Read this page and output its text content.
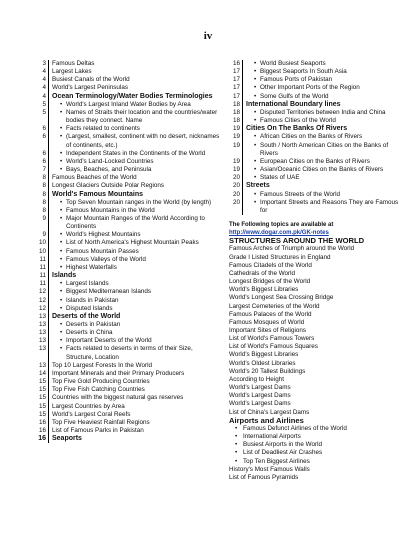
iv
3 Famous Deltas
4 Largest Lakes
4 Busiest Canals of the World
4 World's Largest Peninsulas
4 Ocean Terminology/Water Bodies Terminologies
5	• World's Largest Inland Water Bodies by Area
5	• Names of Straits their location and the countries/water bodies they connect. Name
6	• Facts related to continents
6	• (Largest, smallest, continent with no desert, nicknames of continents, etc.)
6	• Independent States in the Continents of the World
6	• World's Land-Locked Countries
7	• Bays, Beaches, and Peninsula
8 Famous Beaches of the World
8 Longest Glaciers Outside Polar Regions
8 World's Famous Mountains
8	• Top Seven Mountain ranges in the World (by length)
8	• Famous Mountains in the World
9	• Major Mountain Ranges of the World According to Continents
9	• World's Highest Mountains
10	• List of North America's Highest Mountain Peaks
10	• Famous Mountain Passes
11	• Famous Valleys of the World
11	• Highest Waterfalls
11 Islands
11	• Largest Islands
12	• Biggest Mediterranean Islands
12	• Islands in Pakistan
12	• Disputed Islands
13 Deserts of the World
13	• Deserts in Pakistan
13	• Deserts in China
13	• Important Deserts of the World
13	• Facts related to deserts in terms of their Size, Structure, Location
13 Top 10 Largest Forests In the World
14 Important Minerals and their Primary Producers
15 Top Five Gold Producing Countries
15 Top Five Fish Catching Countries
15 Countries with the biggest natural gas reserves
15 Largest Countries by Area
15 World's Largest Coral Reefs
16 Top Five Heaviest Rainfall Regions
16 List of Famous Parks in Pakistan
16 Seaports
16	• World Busiest Seaports
17	• Biggest Seaports In South Asia
17	• Famous Ports of Pakistan
17	• Other Important Ports of the Region
17	• Some Gulfs of the World
18 International Boundary lines
18	• Disputed Territories between India and China
18	• Famous Cities of the World
19 Cities On The Banks Of Rivers
19	• African Cities on the Banks of Rivers
19	• South / North American Cities on the Banks of Rivers
19	• European Cities on the Banks of Rivers
19	• Asian/Oceanic Cities on the Banks of Rivers
20	• States of UAE
20 Streets
20	• Famous Streets of the World
20	• Important Streets and Reasons They are Famous for
The Following topics are available at
http://www.dogar.com.pk/GK-notes
STRUCTURES AROUND THE WORLD
Famous Arches of Triumph around the World
Grade I Listed Structures in England
Famous Citadels of the World
Cathedrals of the World
Longest Bridges of the World
World's Biggest Libraries
World's Longest Sea Crossing Bridge
Largest Cemeteries of the World
Famous Palaces of the World
Famous Mosques of World
Important Sites of Religions
List of World's Famous Towers
List of World's Famous Squares
World's Biggest Libraries
World's Oldest Libraries
World's 20 Tallest Buildings
According to Height
World's Largest Dams
World's Largest Dams
World's Largest Dams
List of China's Largest Dams
Airports and Airlines
• Famous Defunct Airlines of the World
• International Airports
• Busiest Airports in the World
• List of Deadliest Air Crashes
• Top Ten Biggest Airlines
History's Most Famous Walls
List of Famous Pyramids
